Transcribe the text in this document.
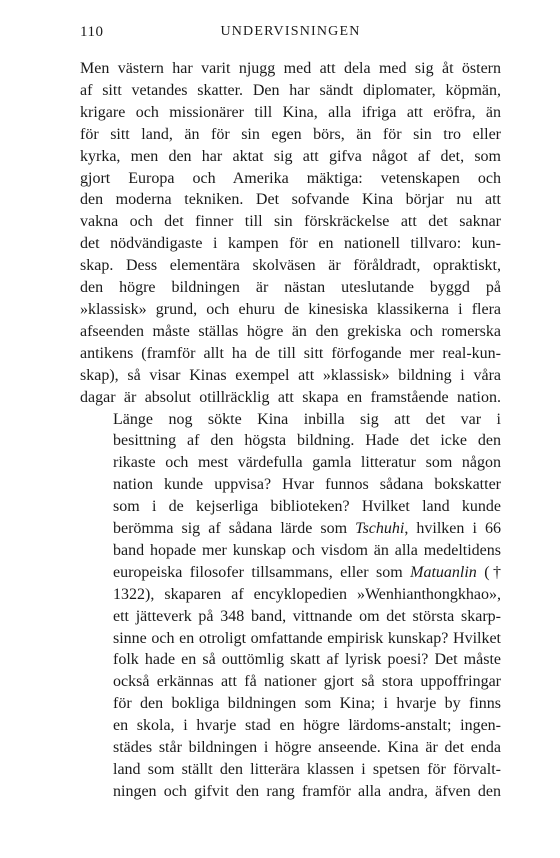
110	UNDERVISNINGEN
Men västern har varit njugg med att dela med sig åt östern
af sitt vetandes skatter. Den har sändt diplomater, köpmän,
krigare och missionärer till Kina, alla ifriga att eröfra, än
för sitt land, än för sin egen börs, än för sin tro eller
kyrka, men den har aktat sig att gifva något af det, som
gjort Europa och Amerika mäktiga: vetenskapen och
den moderna tekniken. Det sofvande Kina börjar nu att
vakna och det finner till sin förskräckelse att det saknar
det nödvändigaste i kampen för en nationell tillvaro: kun-
skap. Dess elementära skolväsen är föråldradt, opraktiskt,
den högre bildningen är nästan uteslutande byggd på
»klassisk» grund, och ehuru de kinesiska klassikerna i flera
afseenden måste ställas högre än den grekiska och romerska
antikens (framför allt ha de till sitt förfogande mer real-kun-
skap), så visar Kinas exempel att »klassisk» bildning i våra
dagar är absolut otillräcklig att skapa en framstående nation.
Länge nog sökte Kina inbilla sig att det var i
besittning af den högsta bildning. Hade det icke den
rikaste och mest värdefulla gamla litteratur som någon
nation kunde uppvisa? Hvar funnos sådana bokskatter
som i de kejserliga biblioteken? Hvilket land kunde
berömma sig af sådana lärde som Tschuhi, hvilken i 66
band hopade mer kunskap och visdom än alla medeltidens
europeiska filosofer tillsammans, eller som Matuanlin (†
1322), skaparen af encyklopedien »Wenhianthongkhao»,
ett jätteverk på 348 band, vittnande om det största skarp-
sinne och en otroligt omfattande empirisk kunskap? Hvilket
folk hade en så outtömlig skatt af lyrisk poesi? Det måste
också erkännas att få nationer gjort så stora uppoffringar
för den bokliga bildningen som Kina; i hvarje by finns
en skola, i hvarje stad en högre lärdoms-anstalt; ingen-
städes står bildningen i högre anseende. Kina är det enda
land som ställt den litterära klassen i spetsen för förvalt-
ningen och gifvit den rang framför alla andra, äfven den
